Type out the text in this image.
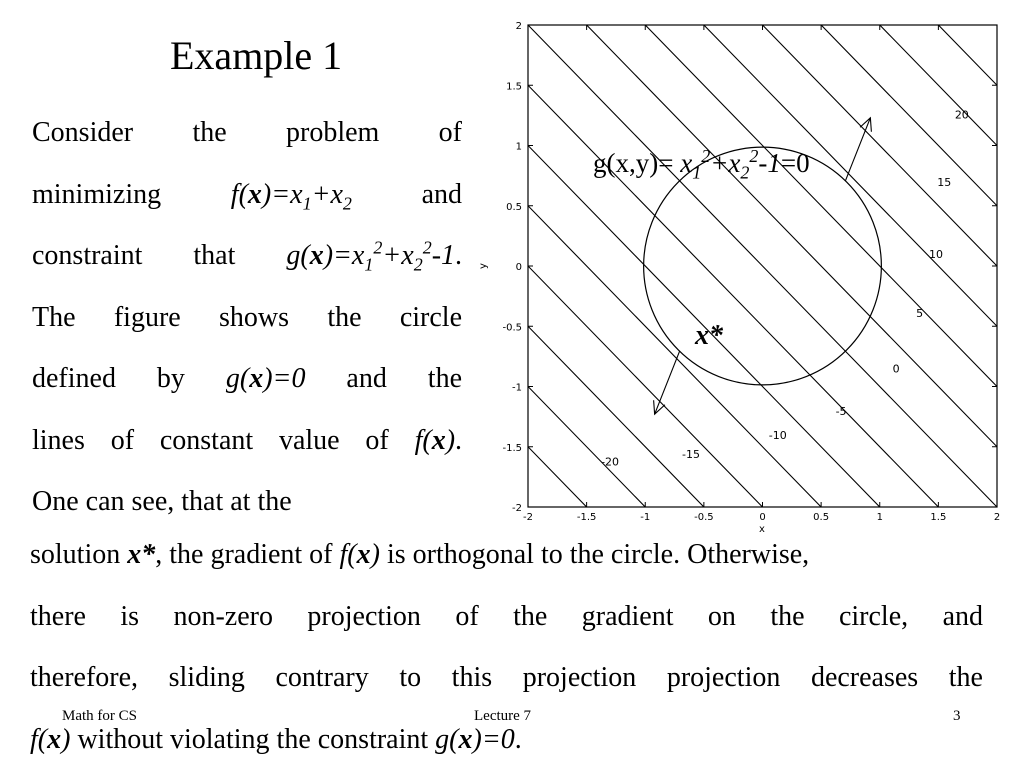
Example 1
Consider the problem of
minimizing $f(x)=x_1+x_2$ and
constraint that $g(x)=x_1^2+x_2^2-1$.
The figure shows the circle
defined by g(x)=0 and the
lines of constant value of f(x).
One can see, that at the
solution x*, the gradient of f(x) is orthogonal to the circle. Otherwise,
there is non-zero projection of the gradient on the circle, and
therefore, sliding contrary to this projection projection decreases the
f(x) without violating the constraint g(x)=0.
20
15
10
5
0
-5
-10
-15
-20
-2	-1.5	-1	-0.5	0	0.5	1	1.5	2
-2
-1.5
-1
-0.5
0
0.5
1
1.5
2
x
y
$g(x,y)= x_1^2+x_2^2-1=0$
x*
Math for CS	Lecture 7	3
